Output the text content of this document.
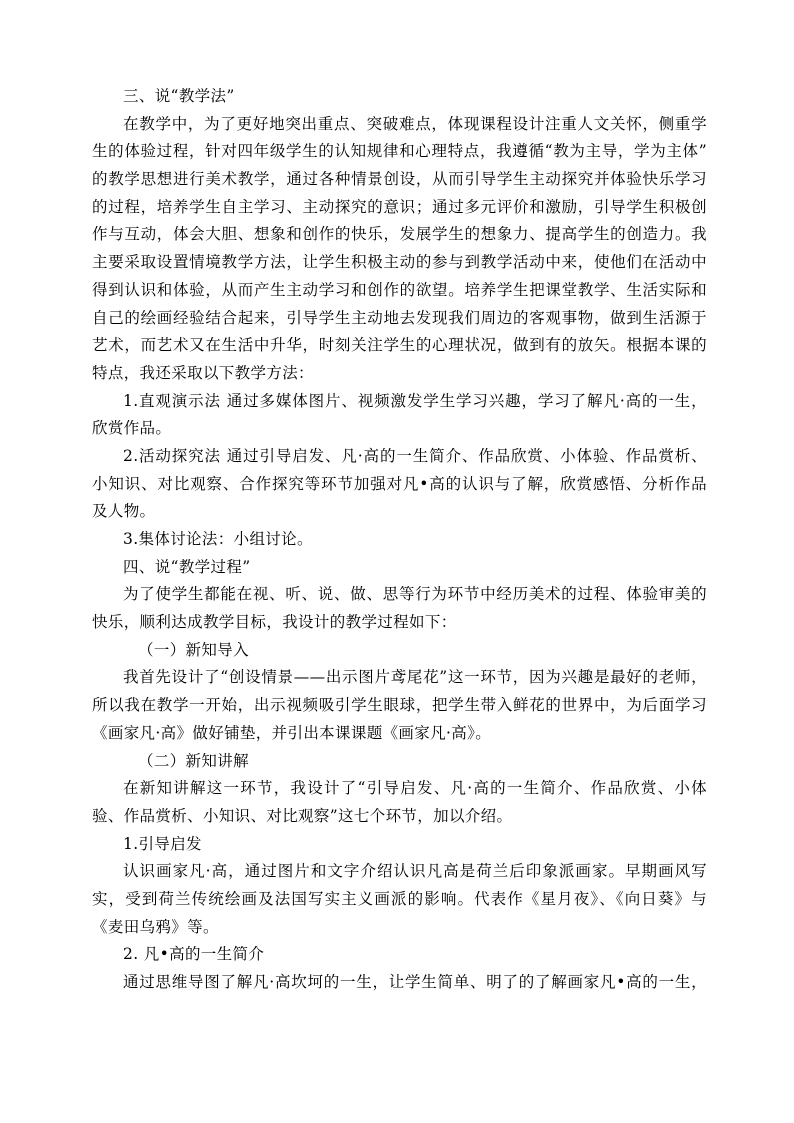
三、说“教学法”
在教学中，为了更好地突出重点、突破难点，体现课程设计注重人文关怀，侧重学
生的体验过程，针对四年级学生的认知规律和心理特点，我遵循“教为主导，学为主体”
的教学思想进行美术教学，通过各种情景创设，从而引导学生主动探究并体验快乐学习
的过程，培养学生自主学习、主动探究的意识；通过多元评价和激励，引导学生积极创
作与互动，体会大胆、想象和创作的快乐，发展学生的想象力、提高学生的创造力。我
主要采取设置情境教学方法，让学生积极主动的参与到教学活动中来，使他们在活动中
得到认识和体验，从而产生主动学习和创作的欲望。培养学生把课堂教学、生活实际和
自己的绘画经验结合起来，引导学生主动地去发现我们周边的客观事物，做到生活源于
艺术，而艺术又在生活中升华，时刻关注学生的心理状况，做到有的放矢。根据本课的
特点，我还采取以下教学方法：
1.直观演示法 通过多媒体图片、视频激发学生学习兴趣，学习了解凡·高的一生，
欣赏作品。
2.活动探究法 通过引导启发、凡·高的一生简介、作品欣赏、小体验、作品赏析、
小知识、对比观察、合作探究等环节加强对凡•高的认识与了解，欣赏感悟、分析作品
及人物。
3.集体讨论法：小组讨论。
四、说“教学过程”
为了使学生都能在视、听、说、做、思等行为环节中经历美术的过程、体验审美的
快乐，顺利达成教学目标，我设计的教学过程如下：
（一）新知导入
我首先设计了“创设情景——出示图片鸢尾花”这一环节，因为兴趣是最好的老师，
所以我在教学一开始，出示视频吸引学生眼球，把学生带入鲜花的世界中，为后面学习
《画家凡·高》做好铺垫，并引出本课课题《画家凡·高》。
（二）新知讲解
在新知讲解这一环节，我设计了“引导启发、凡·高的一生简介、作品欣赏、小体
验、作品赏析、小知识、对比观察”这七个环节，加以介绍。
1.引导启发
认识画家凡·高，通过图片和文字介绍认识凡高是荷兰后印象派画家。早期画风写
实，受到荷兰传统绘画及法国写实主义画派的影响。代表作《星月夜》、《向日葵》与
《麦田乌鸦》等。
2. 凡•高的一生简介
通过思维导图了解凡·高坎坷的一生，让学生简单、明了的了解画家凡•高的一生，
